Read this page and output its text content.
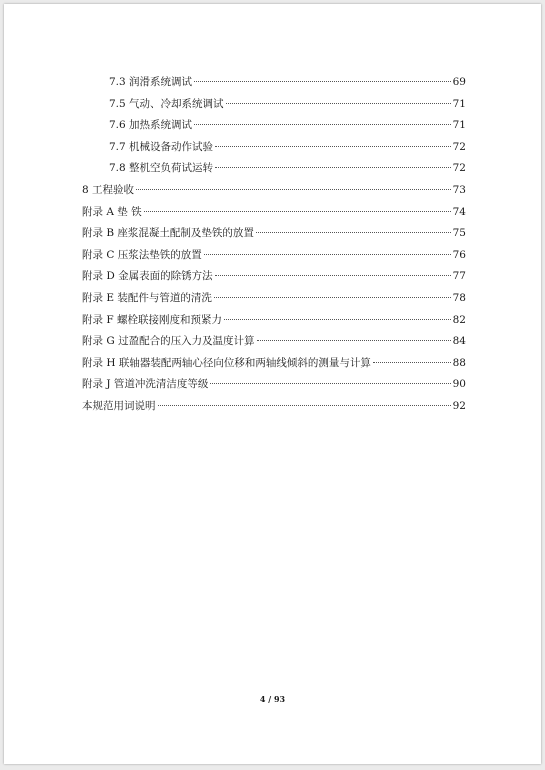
7.3 润滑系统调试	69
7.5 气动、冷却系统调试	71
7.6 加热系统调试	71
7.7 机械设备动作试验	72
7.8 整机空负荷试运转	72
8 工程验收	73
附录 A 垫 铁	74
附录 B 座浆混凝土配制及垫铁的放置	75
附录 C 压浆法垫铁的放置	76
附录 D 金属表面的除锈方法	77
附录 E 装配件与管道的清洗	78
附录 F 螺栓联接刚度和预紧力	82
附录 G 过盈配合的压入力及温度计算	84
附录 H 联轴器装配两轴心径向位移和两轴线倾斜的测量与计算	88
附录 J 管道冲洗清洁度等级	90
本规范用词说明	92
4 / 93
